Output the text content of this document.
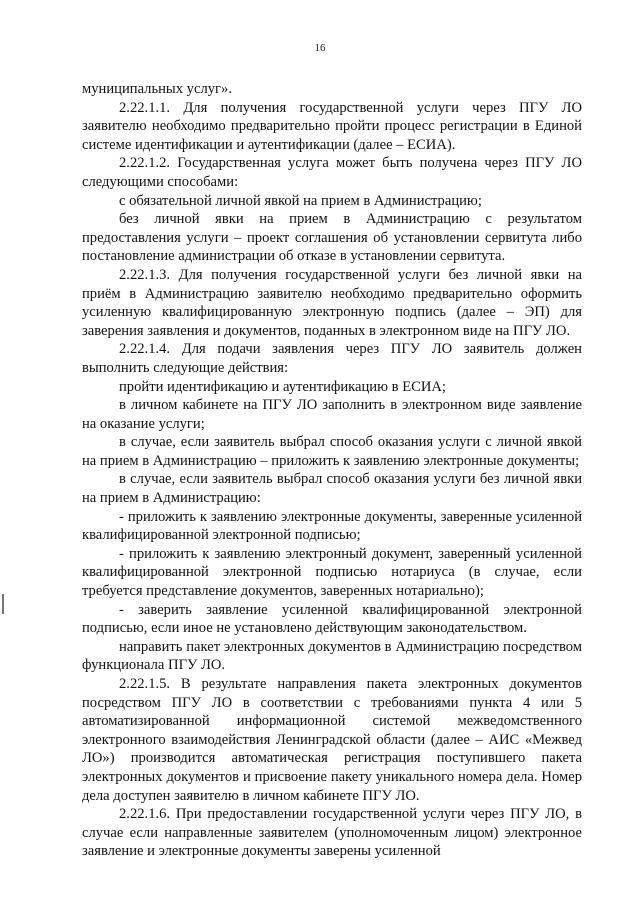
16

муниципальных услуг».

2.22.1.1. Для получения государственной услуги через ПГУ ЛО заявителю необходимо предварительно пройти процесс регистрации в Единой системе идентификации и аутентификации (далее – ЕСИА).

2.22.1.2. Государственная услуга может быть получена через ПГУ ЛО следующими способами:

с обязательной личной явкой на прием в Администрацию;

без личной явки на прием в Администрацию с результатом предоставления услуги – проект соглашения об установлении сервитута либо постановление администрации об отказе в установлении сервитута.

2.22.1.3. Для получения государственной услуги без личной явки на приём в Администрацию заявителю необходимо предварительно оформить усиленную квалифицированную электронную подпись (далее – ЭП) для заверения заявления и документов, поданных в электронном виде на ПГУ ЛО.

2.22.1.4. Для подачи заявления через ПГУ ЛО заявитель должен выполнить следующие действия:

пройти идентификацию и аутентификацию в ЕСИА;

в личном кабинете на ПГУ ЛО заполнить в электронном виде заявление на оказание услуги;

в случае, если заявитель выбрал способ оказания услуги с личной явкой на прием в Администрацию – приложить к заявлению электронные документы;

в случае, если заявитель выбрал способ оказания услуги без личной явки на прием в Администрацию:

- приложить к заявлению электронные документы, заверенные усиленной квалифицированной электронной подписью;

- приложить к заявлению электронный документ, заверенный усиленной квалифицированной электронной подписью нотариуса (в случае, если требуется представление документов, заверенных нотариально);

- заверить заявление усиленной квалифицированной электронной подписью, если иное не установлено действующим законодательством.

направить пакет электронных документов в Администрацию посредством функционала ПГУ ЛО.

2.22.1.5. В результате направления пакета электронных документов посредством ПГУ ЛО в соответствии с требованиями пункта 4 или 5 автоматизированной информационной системой межведомственного электронного взаимодействия Ленинградской области (далее – АИС «Межвед ЛО») производится автоматическая регистрация поступившего пакета электронных документов и присвоение пакету уникального номера дела. Номер дела доступен заявителю в личном кабинете ПГУ ЛО.

2.22.1.6. При предоставлении государственной услуги через ПГУ ЛО, в случае если направленные заявителем (уполномоченным лицом) электронное заявление и электронные документы заверены усиленной
